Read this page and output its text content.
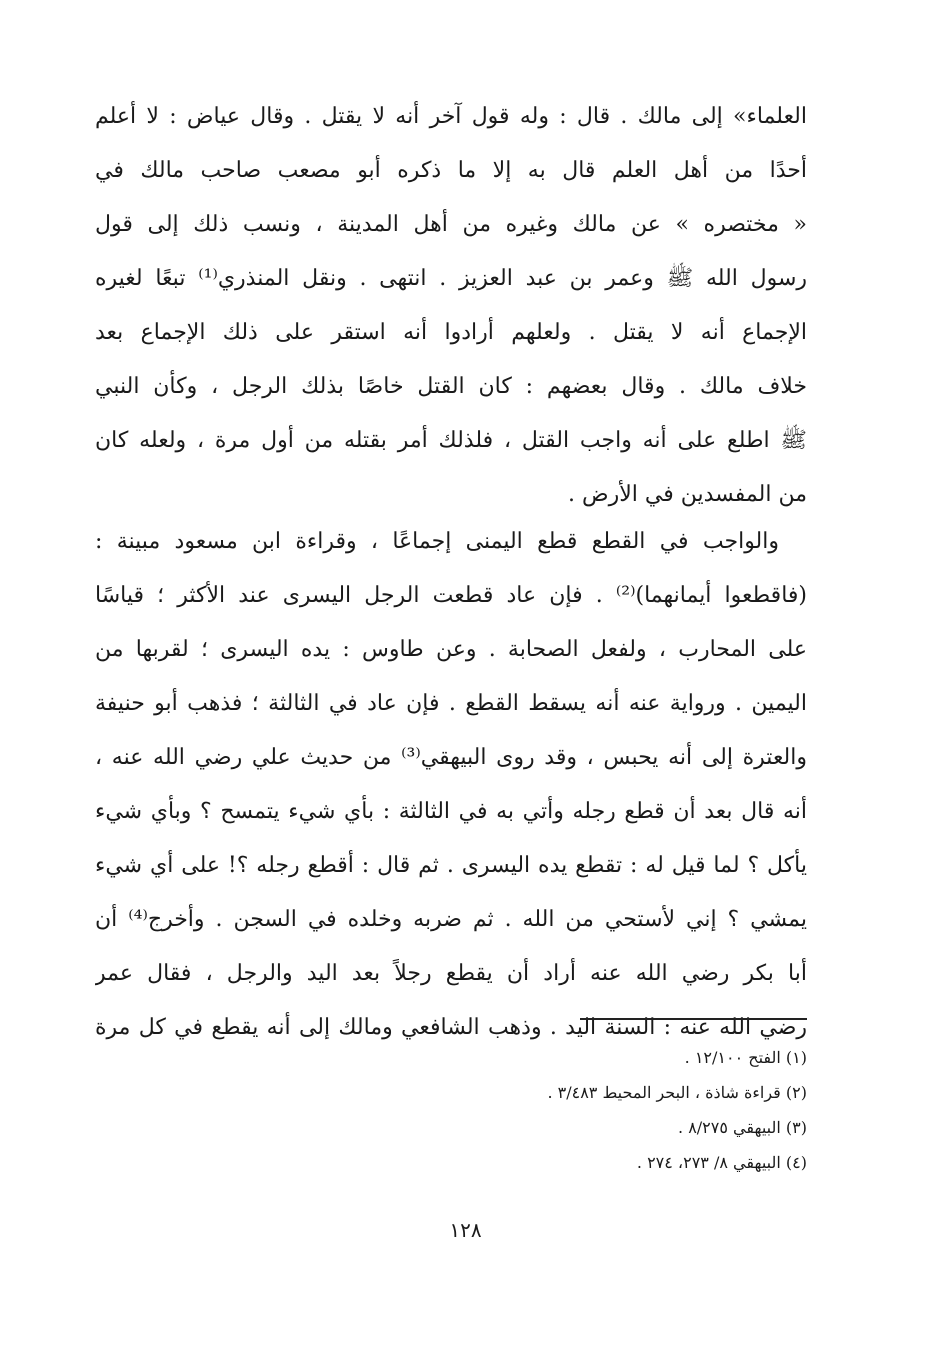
العلماء» إلى مالك . قال : وله قول آخر أنه لا يقتل . وقال عياض : لا أعلم
أحدًا من أهل العلم قال به إلا ما ذكره أبو مصعب صاحب مالك في
« مختصره » عن مالك وغيره من أهل المدينة ، ونسب ذلك إلى قول
رسول الله ﷺ وعمر بن عبد العزيز . انتهى . ونقل المنذري⁽¹⁾ تبعًا لغيره
الإجماع أنه لا يقتل . ولعلهم أرادوا أنه استقر على ذلك الإجماع بعد
خلاف مالك . وقال بعضهم : كان القتل خاصًا بذلك الرجل ، وكأن النبي
ﷺ اطلع على أنه واجب القتل ، فلذلك أمر بقتله من أول مرة ، ولعله كان
من المفسدين في الأرض .
والواجب في القطع قطع اليمنى إجماعًا ، وقراءة ابن مسعود مبينة :
(فاقطعوا أيمانهما)⁽²⁾ . فإن عاد قطعت الرجل اليسرى عند الأكثر ؛ قياسًا
على المحارب ، ولفعل الصحابة . وعن طاوس : يده اليسرى ؛ لقربها من
اليمين . ورواية عنه أنه يسقط القطع . فإن عاد في الثالثة ؛ فذهب أبو حنيفة
والعترة إلى أنه يحبس ، وقد روى البيهقي⁽³⁾ من حديث علي رضي الله عنه ،
أنه قال بعد أن قطع رجله وأتي به في الثالثة : بأي شيء يتمسح ؟ وبأي شيء
يأكل ؟ لما قيل له : تقطع يده اليسرى . ثم قال : أقطع رجله ؟! على أي شيء
يمشي ؟ إني لأستحي من الله . ثم ضربه وخلده في السجن . وأخرج⁽⁴⁾ أن
أبا بكر رضي الله عنه أراد أن يقطع رجلاً بعد اليد والرجل ، فقال عمر
رضي الله عنه : السنة اليد . وذهب الشافعي ومالك إلى أنه يقطع في كل مرة
(١) الفتح ١٢/١٠٠ .
(٢) قراءة شاذة ، البحر المحيط ٣/٤٨٣ .
(٣) البيهقي ٨/٢٧٥ .
(٤) البيهقي ٨/ ٢٧٣، ٢٧٤ .
١٢٨
